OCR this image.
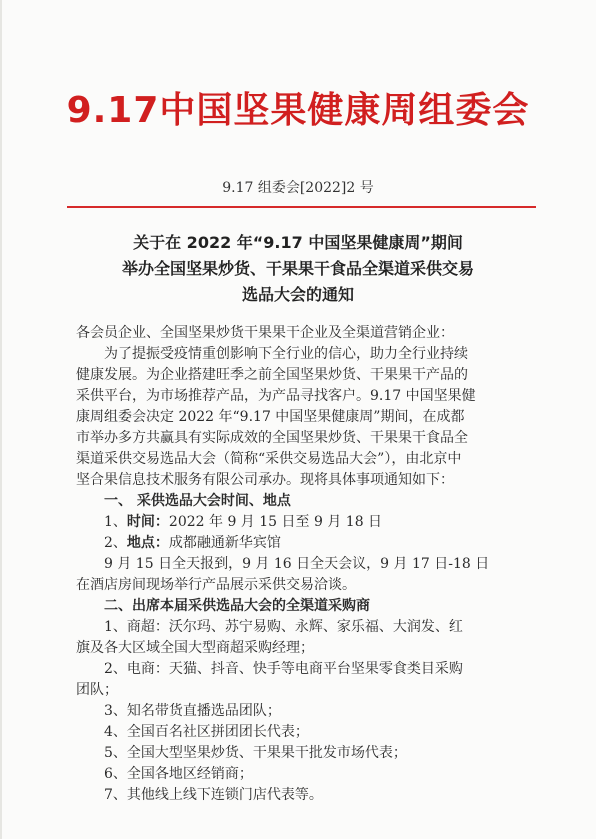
9.17中国坚果健康周组委会
9.17 组委会[2022]2 号
关于在 2022 年“9.17 中国坚果健康周”期间
举办全国坚果炒货、干果果干食品全渠道采供交易
选品大会的通知
各会员企业、全国坚果炒货干果果干企业及全渠道营销企业：
为了提振受疫情重创影响下全行业的信心，助力全行业持续
健康发展。为企业搭建旺季之前全国坚果炒货、干果果干产品的
采供平台，为市场推荐产品，为产品寻找客户。9.17 中国坚果健
康周组委会决定 2022 年“9.17 中国坚果健康周”期间，在成都
市举办多方共赢具有实际成效的全国坚果炒货、干果果干食品全
渠道采供交易选品大会（简称“采供交易选品大会”），由北京中
坚合果信息技术服务有限公司承办。现将具体事项通知如下：
一、 采供选品大会时间、地点
1、时间：2022 年 9 月 15 日至 9 月 18 日
2、地点：成都融通新华宾馆
9 月 15 日全天报到，9 月 16 日全天会议，9 月 17 日-18 日
在酒店房间现场举行产品展示采供交易洽谈。
二、出席本届采供选品大会的全渠道采购商
1、商超：沃尔玛、苏宁易购、永辉、家乐福、大润发、红
旗及各大区域全国大型商超采购经理；
2、电商：天猫、抖音、快手等电商平台坚果零食类目采购
团队；
3、知名带货直播选品团队；
4、全国百名社区拼团团长代表；
5、全国大型坚果炒货、干果果干批发市场代表；
6、全国各地区经销商；
7、其他线上线下连锁门店代表等。
